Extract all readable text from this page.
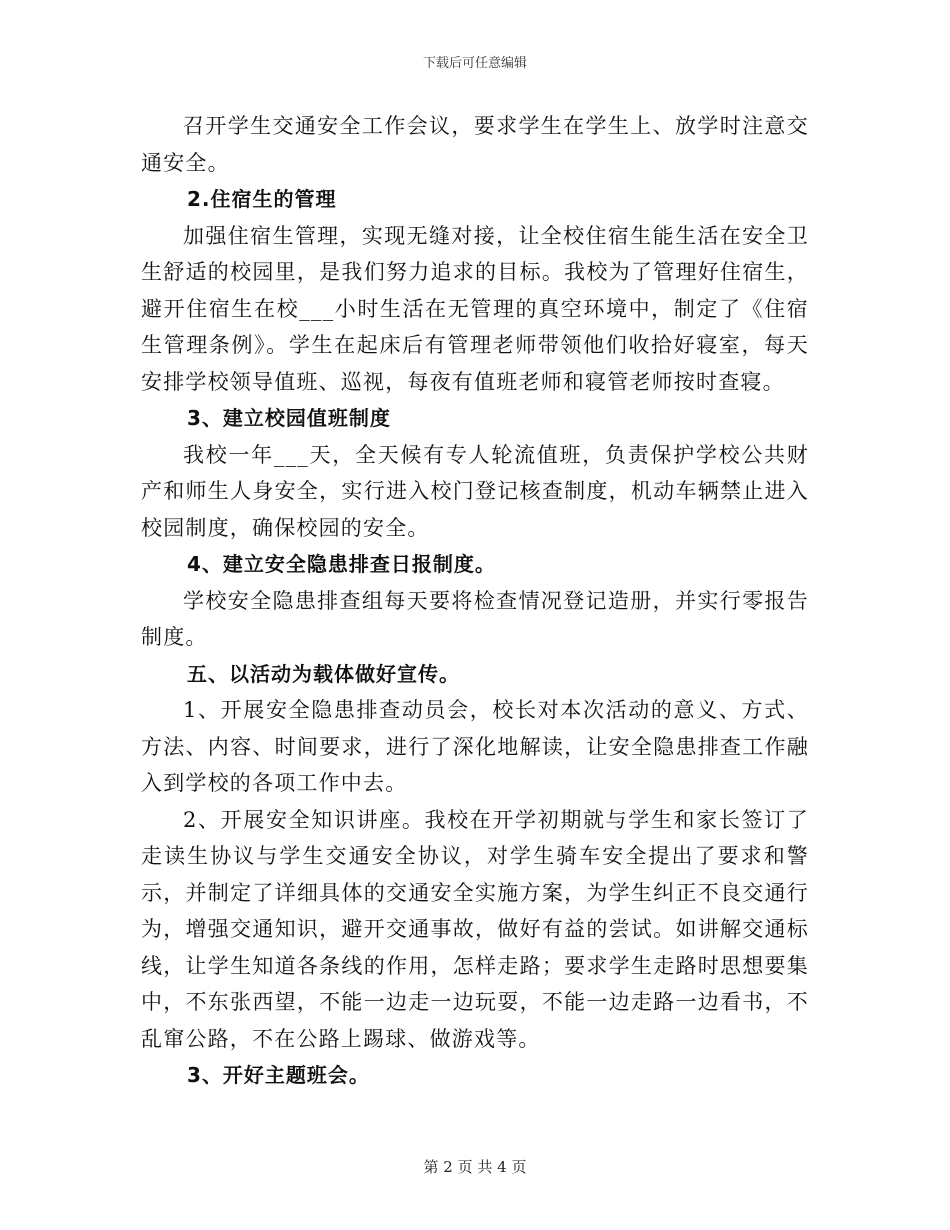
下载后可任意编辑

召开学生交通安全工作会议，要求学生在学生上、放学时注意交通安全。

2.住宿生的管理

加强住宿生管理，实现无缝对接，让全校住宿生能生活在安全卫生舒适的校园里，是我们努力追求的目标。我校为了管理好住宿生，避开住宿生在校___小时生活在无管理的真空环境中，制定了《住宿生管理条例》。学生在起床后有管理老师带领他们收拾好寝室，每天安排学校领导值班、巡视，每夜有值班老师和寝管老师按时查寝。

3、建立校园值班制度

我校一年___天，全天候有专人轮流值班，负责保护学校公共财产和师生人身安全，实行进入校门登记核查制度，机动车辆禁止进入校园制度，确保校园的安全。

4、建立安全隐患排查日报制度。

学校安全隐患排查组每天要将检查情况登记造册，并实行零报告制度。

五、以活动为载体做好宣传。

1、开展安全隐患排查动员会，校长对本次活动的意义、方式、方法、内容、时间要求，进行了深化地解读，让安全隐患排查工作融入到学校的各项工作中去。

2、开展安全知识讲座。我校在开学初期就与学生和家长签订了走读生协议与学生交通安全协议，对学生骑车安全提出了要求和警示，并制定了详细具体的交通安全实施方案，为学生纠正不良交通行为，增强交通知识，避开交通事故，做好有益的尝试。如讲解交通标线，让学生知道各条线的作用，怎样走路；要求学生走路时思想要集中，不东张西望，不能一边走一边玩耍，不能一边走路一边看书，不乱窜公路，不在公路上踢球、做游戏等。

3、开好主题班会。

第 2 页 共 4 页
